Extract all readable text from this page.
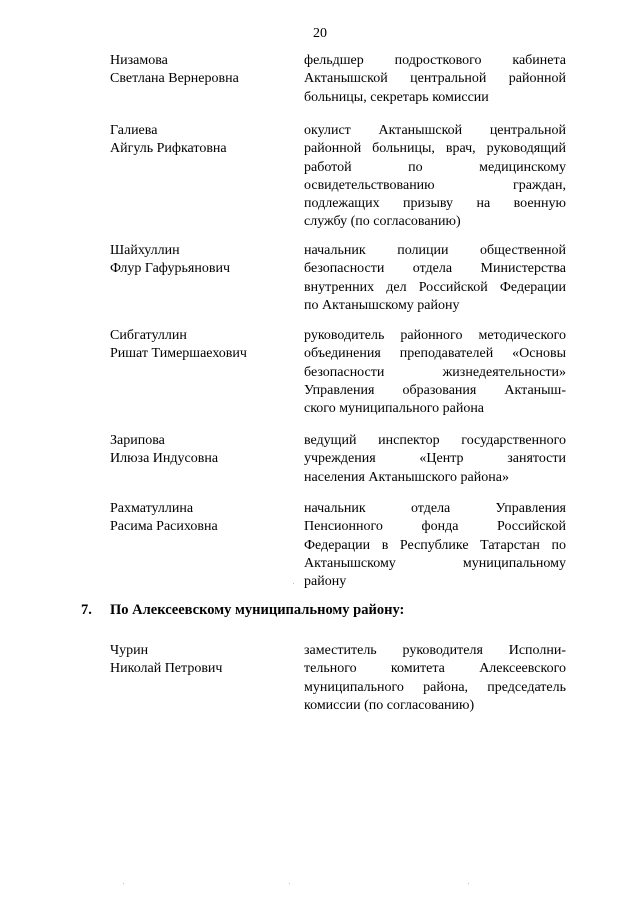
20
Низамова
Светлана Вернеровна
фельдшер подросткового кабинета
Актанышской центральной районной
больницы, секретарь комиссии
Галиева
Айгуль Рифкатовна
окулист Актанышской центральной
районной больницы, врач, руководящий
работой по медицинскому
освидетельствованию граждан,
подлежащих призыву на военную
службу (по согласованию)
Шайхуллин
Флур Гафурьянович
начальник полиции общественной
безопасности отдела Министерства
внутренних дел Российской Федерации
по Актанышскому району
Сибгатуллин
Ришат Тимершаехович
руководитель районного методического
объединения преподавателей «Основы
безопасности жизнедеятельности»
Управления образования Актаныш-
ского муниципального района
Зарипова
Илюза Индусовна
ведущий инспектор государственного
учреждения «Центр занятости
населения Актанышского района»
Рахматуллина
Расима Расиховна
начальник отдела Управления
Пенсионного фонда Российской
Федерации в Республике Татарстан по
Актанышскому муниципальному
району
7. По Алексеевскому муниципальному району:
Чурин
Николай Петрович
заместитель руководителя Исполни-
тельного комитета Алексеевского
муниципального района, председатель
комиссии (по согласованию)
